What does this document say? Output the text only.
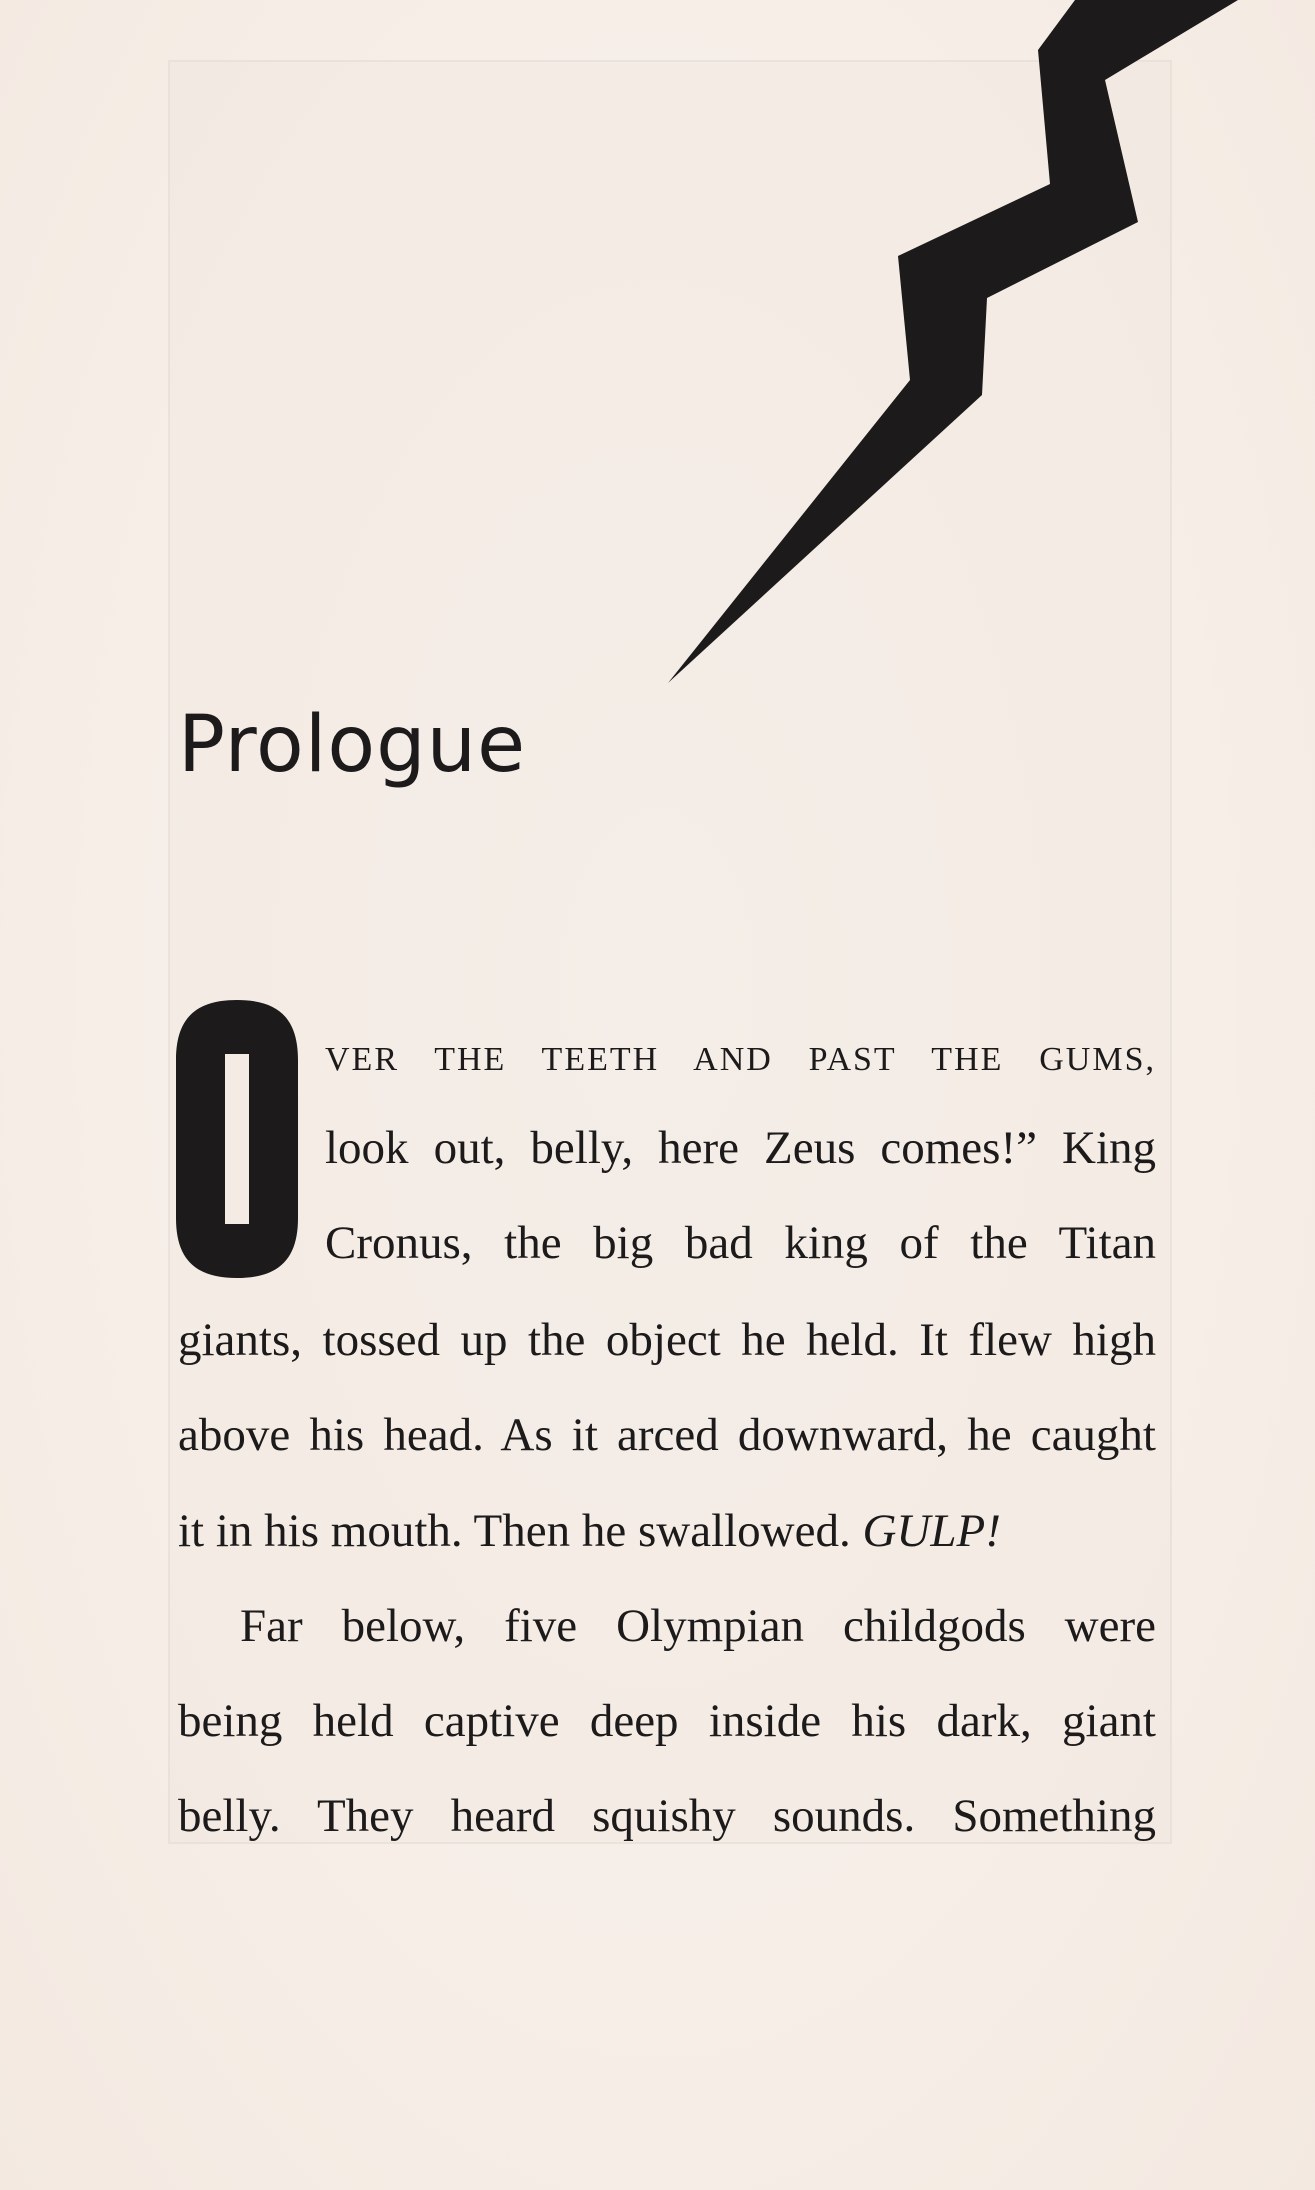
Prologue

VER THE TEETH AND PAST THE GUMS,

look out, belly, here Zeus comes!” King

Cronus, the big bad king of the Titan

giants, tossed up the object he held. It flew high

above his head. As it arced downward, he caught

it in his mouth. Then he swallowed. GULP!

Far below, five Olympian childgods were

being held captive deep inside his dark, giant

belly. They heard squishy sounds. Something
